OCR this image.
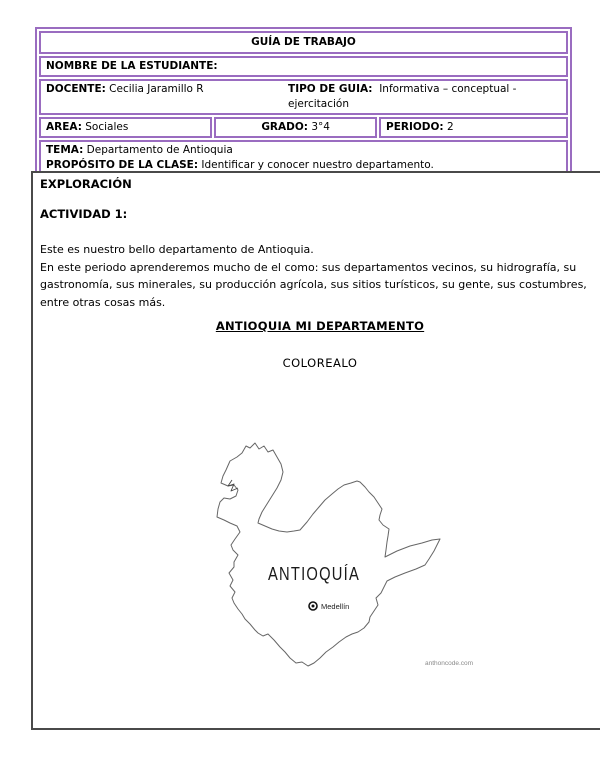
GUÍA DE TRABAJO
NOMBRE DE LA ESTUDIANTE:
DOCENTE: Cecilia Jaramillo R	TIPO DE GUIA:  Informativa – conceptual - ejercitación
AREA: Sociales	GRADO: 3°4	PERIODO: 2
TEMA: Departamento de Antioquia
PROPÓSITO DE LA CLASE: Identificar y conocer nuestro departamento.
EXPLORACIÓN
ACTIVIDAD 1:
Este es nuestro bello departamento de Antioquia.
En este periodo aprenderemos mucho de el como: sus departamentos vecinos, su hidrografía, su gastronomía, sus minerales, su producción agrícola, sus sitios turísticos, su gente, sus costumbres, entre otras cosas más.
ANTIOQUIA MI DEPARTAMENTO
COLOREALO
ANTIOQUÍA
Medellín
anthoncode.com
